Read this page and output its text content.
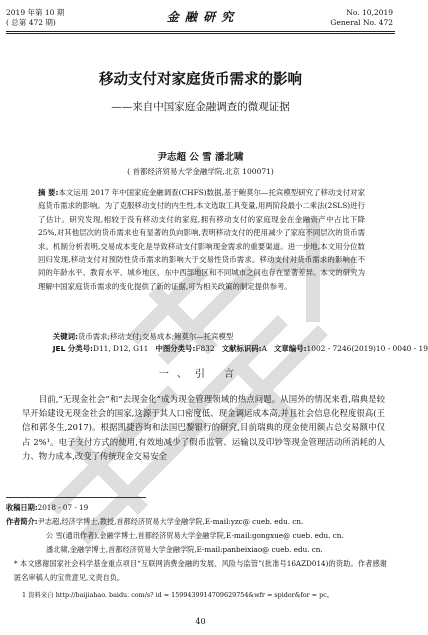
2019 年第 10 期
( 总第 472 期)	金 融 研 究	No. 10,2019
General No. 472
移动支付对家庭货币需求的影响
——来自中国家庭金融调查的微观证据
尹志超 公 雪 潘北啸
( 首都经济贸易大学金融学院,北京 100071)
摘 要:本文运用 2017 年中国家庭金融调查(CHFS)数据,基于鲍莫尔—托宾模型研究了移动支付对家庭货币需求的影响。为了克服移动支付的内生性,本文选取工具变量,用两阶段最小二乘法(2SLS)进行了估计。研究发现,相较于没有移动支付的家庭,拥有移动支付的家庭现金在金融资产中占比下降 25%,对其他层次的货币需求也有显著的负向影响,表明移动支付的使用减少了家庭不同层次的货币需求。机制分析表明,交易成本变化是导致移动支付影响现金需求的重要渠道。进一步地,本文用分位数回归发现,移动支付对预防性货币需求的影响大于交易性货币需求。移动支付对货币需求的影响在不同的年龄水平、教育水平、城乡地区、东中西部地区和不同城市之间也存在显著差异。本文的研究为理解中国家庭货币需求的变化提供了新的证据,可为相关政策的制定提供参考。
关键词:货币需求;移动支付;交易成本;鲍莫尔—托宾模型
JEL 分类号:D11, D12, G11 中图分类号:F832 文献标识码:A 文章编号:1002 - 7246(2019)10 - 0040 - 19
一、引 言
目前,“无现金社会”和“去现金化”成为现金管理领域的热点问题。从国外的情况来看,瑞典是较早开始建设无现金社会的国家,这源于其人口密度低、现金调运成本高,并且社会信息化程度很高(王信和郭冬生,2017)。根据凯捷咨询和法国巴黎银行的研究,目前瑞典的现金使用额占总交易额中仅占 2%¹。电子支付方式的使用,有效地减少了假币监管、运输以及印钞等现金管理活动所消耗的人力、物力成本,改变了传统现金交易安全
收稿日期:2018 - 07 - 19
作者简介:尹志超,经济学博士,教授,首都经济贸易大学金融学院,E-mail:yzc@ cueb. edu. cn.
公 雪(通讯作者),金融学博士,首都经济贸易大学金融学院,E-mail:gongxue@ cueb. edu. cn.
潘北啸,金融学博士,首都经济贸易大学金融学院,E-mail:panbeixiao@ cueb. edu. cn.
* 本文感谢国家社会科学基金重点项目“互联网消费金融的发展、风险与监管”(批准号16AZD014)的资助。作者感谢匿名审稿人的宝贵意见,文责自负。
1 资料来自 http://baijiahao. baidu. com/s? id = 1599439914709629754&wfr = spider&for = pc。
40
